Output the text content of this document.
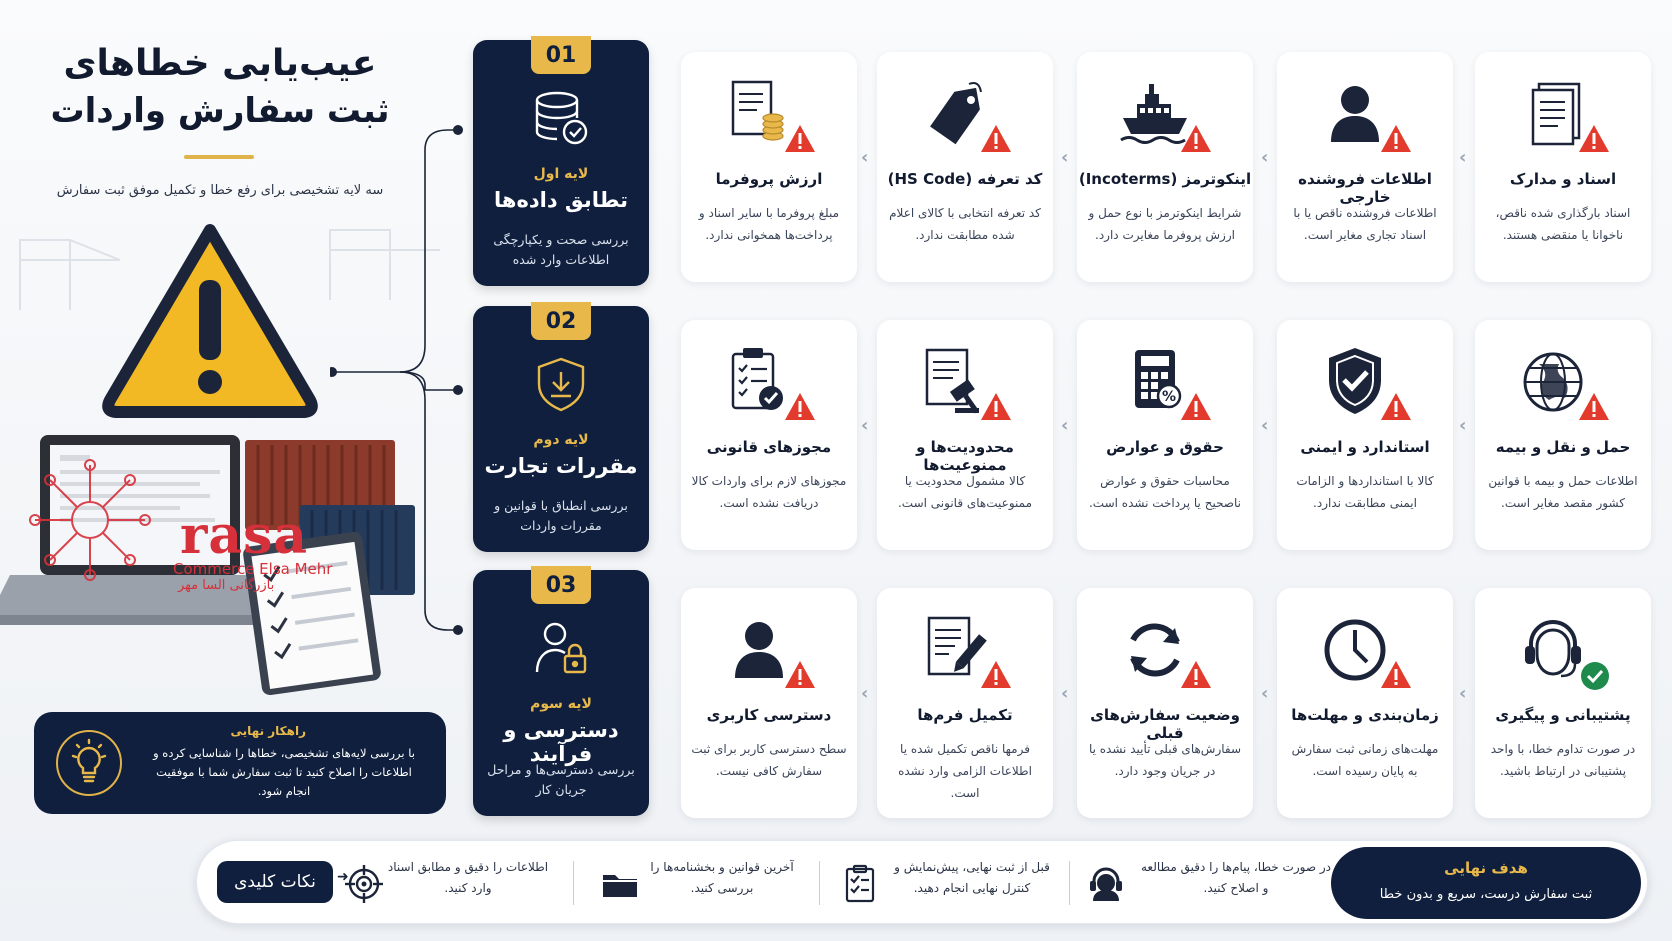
عیب‌یابی خطاهای
ثبت سفارش واردات
سه لایه تشخیصی برای رفع خطا و تکمیل موفق ثبت سفارش
rasa
Commerce Elsa Mehr
بازرگانی السا مهر
راهکار نهایی
با بررسی لایه‌های تشخیصی، خطاها را شناسایی کرده و اطلاعات را اصلاح کنید تا ثبت سفارش شما با موفقیت انجام شود.
01
لایه اول
تطابق داده‌ها
بررسی صحت و یکپارچگی اطلاعات وارد شده
02
لایه دوم
مقررات تجارت
بررسی انطباق با قوانین و مقررات واردات
03
لایه سوم
دسترسی و فرآیند
بررسی دسترسی‌ها و مراحل جریان کار
اسناد و مدارک
اسناد بارگذاری شده ناقص، ناخوانا یا منقضی هستند.
‹
اطلاعات فروشنده خارجی
اطلاعات فروشنده ناقص یا با اسناد تجاری مغایر است.
‹
اینکوترمز (Incoterms)
شرایط اینکوترمز با نوع حمل و ارزش پروفرما مغایرت دارد.
‹
کد تعرفه (HS Code)
کد تعرفه انتخابی با کالای اعلام شده مطابقت ندارد.
‹
ارزش پروفرما
مبلغ پروفرما با سایر اسناد و پرداخت‌ها همخوانی ندارد.
حمل و نقل و بیمه
اطلاعات حمل و بیمه با قوانین کشور مقصد مغایر است.
‹
استاندارد و ایمنی
کالا با استانداردها و الزامات ایمنی مطابقت ندارد.
‹
%
حقوق و عوارض
محاسبات حقوق و عوارض ناصحیح یا پرداخت نشده است.
‹
محدودیت‌ها و ممنوعیت‌ها
کالا مشمول محدودیت یا ممنوعیت‌های قانونی است.
‹
مجوزهای قانونی
مجوزهای لازم برای واردات کالا دریافت نشده است.
پشتیبانی و پیگیری
در صورت تداوم خطا، با واحد پشتیبانی در ارتباط باشید.
‹
زمان‌بندی و مهلت‌ها
مهلت‌های زمانی ثبت سفارش به پایان رسیده است.
‹
وضعیت سفارش‌های قبلی
سفارش‌های قبلی تأیید نشده یا در جریان وجود دارد.
‹
تکمیل فرم‌ها
فرمها ناقص تکمیل شده یا اطلاعات الزامی وارد نشده است.
‹
دسترسی کاربری
سطح دسترسی کاربر برای ثبت سفارش کافی نیست.
هدف نهایی
ثبت سفارش درست، سریع و بدون خطا
در صورت خطا، پیام‌ها را دقیق مطالعه و اصلاح کنید.
قبل از ثبت نهایی، پیش‌نمایش و کنترل نهایی انجام دهید.
آخرین قوانین و بخشنامه‌ها را بررسی کنید.
اطلاعات را دقیق و مطابق اسناد وارد کنید.
➜
نکات کلیدی
